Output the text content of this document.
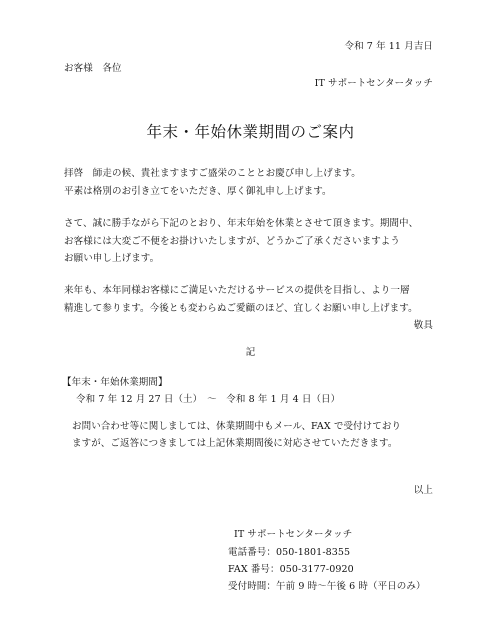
令和 7 年 11 月吉日
お客様　各位
IT サポートセンタータッチ
年末・年始休業期間のご案内
拝啓　師走の候、貴社ますますご盛栄のこととお慶び申し上げます。
平素は格別のお引き立てをいただき、厚く御礼申し上げます。
さて、誠に勝手ながら下記のとおり、年末年始を休業とさせて頂きます。期間中、
お客様には大変ご不便をお掛けいたしますが、どうかご了承くださいますよう
お願い申し上げます。
来年も、本年同様お客様にご満足いただけるサービスの提供を目指し、より一層
精進して参ります。今後とも変わらぬご愛顧のほど、宜しくお願い申し上げます。
敬具
記
【年末・年始休業期間】
令和 7 年 12 月 27 日（土）　～　令和 8 年 1 月 4 日（日）
お問い合わせ等に関しましては、休業期間中もメール、FAX で受付けており
ますが、ご返答につきましては上記休業期間後に対応させていただきます。
以上
IT サポートセンタータッチ
電話番号：050-1801-8355
FAX 番号：050-3177-0920
受付時間：午前 9 時～午後 6 時（平日のみ）
